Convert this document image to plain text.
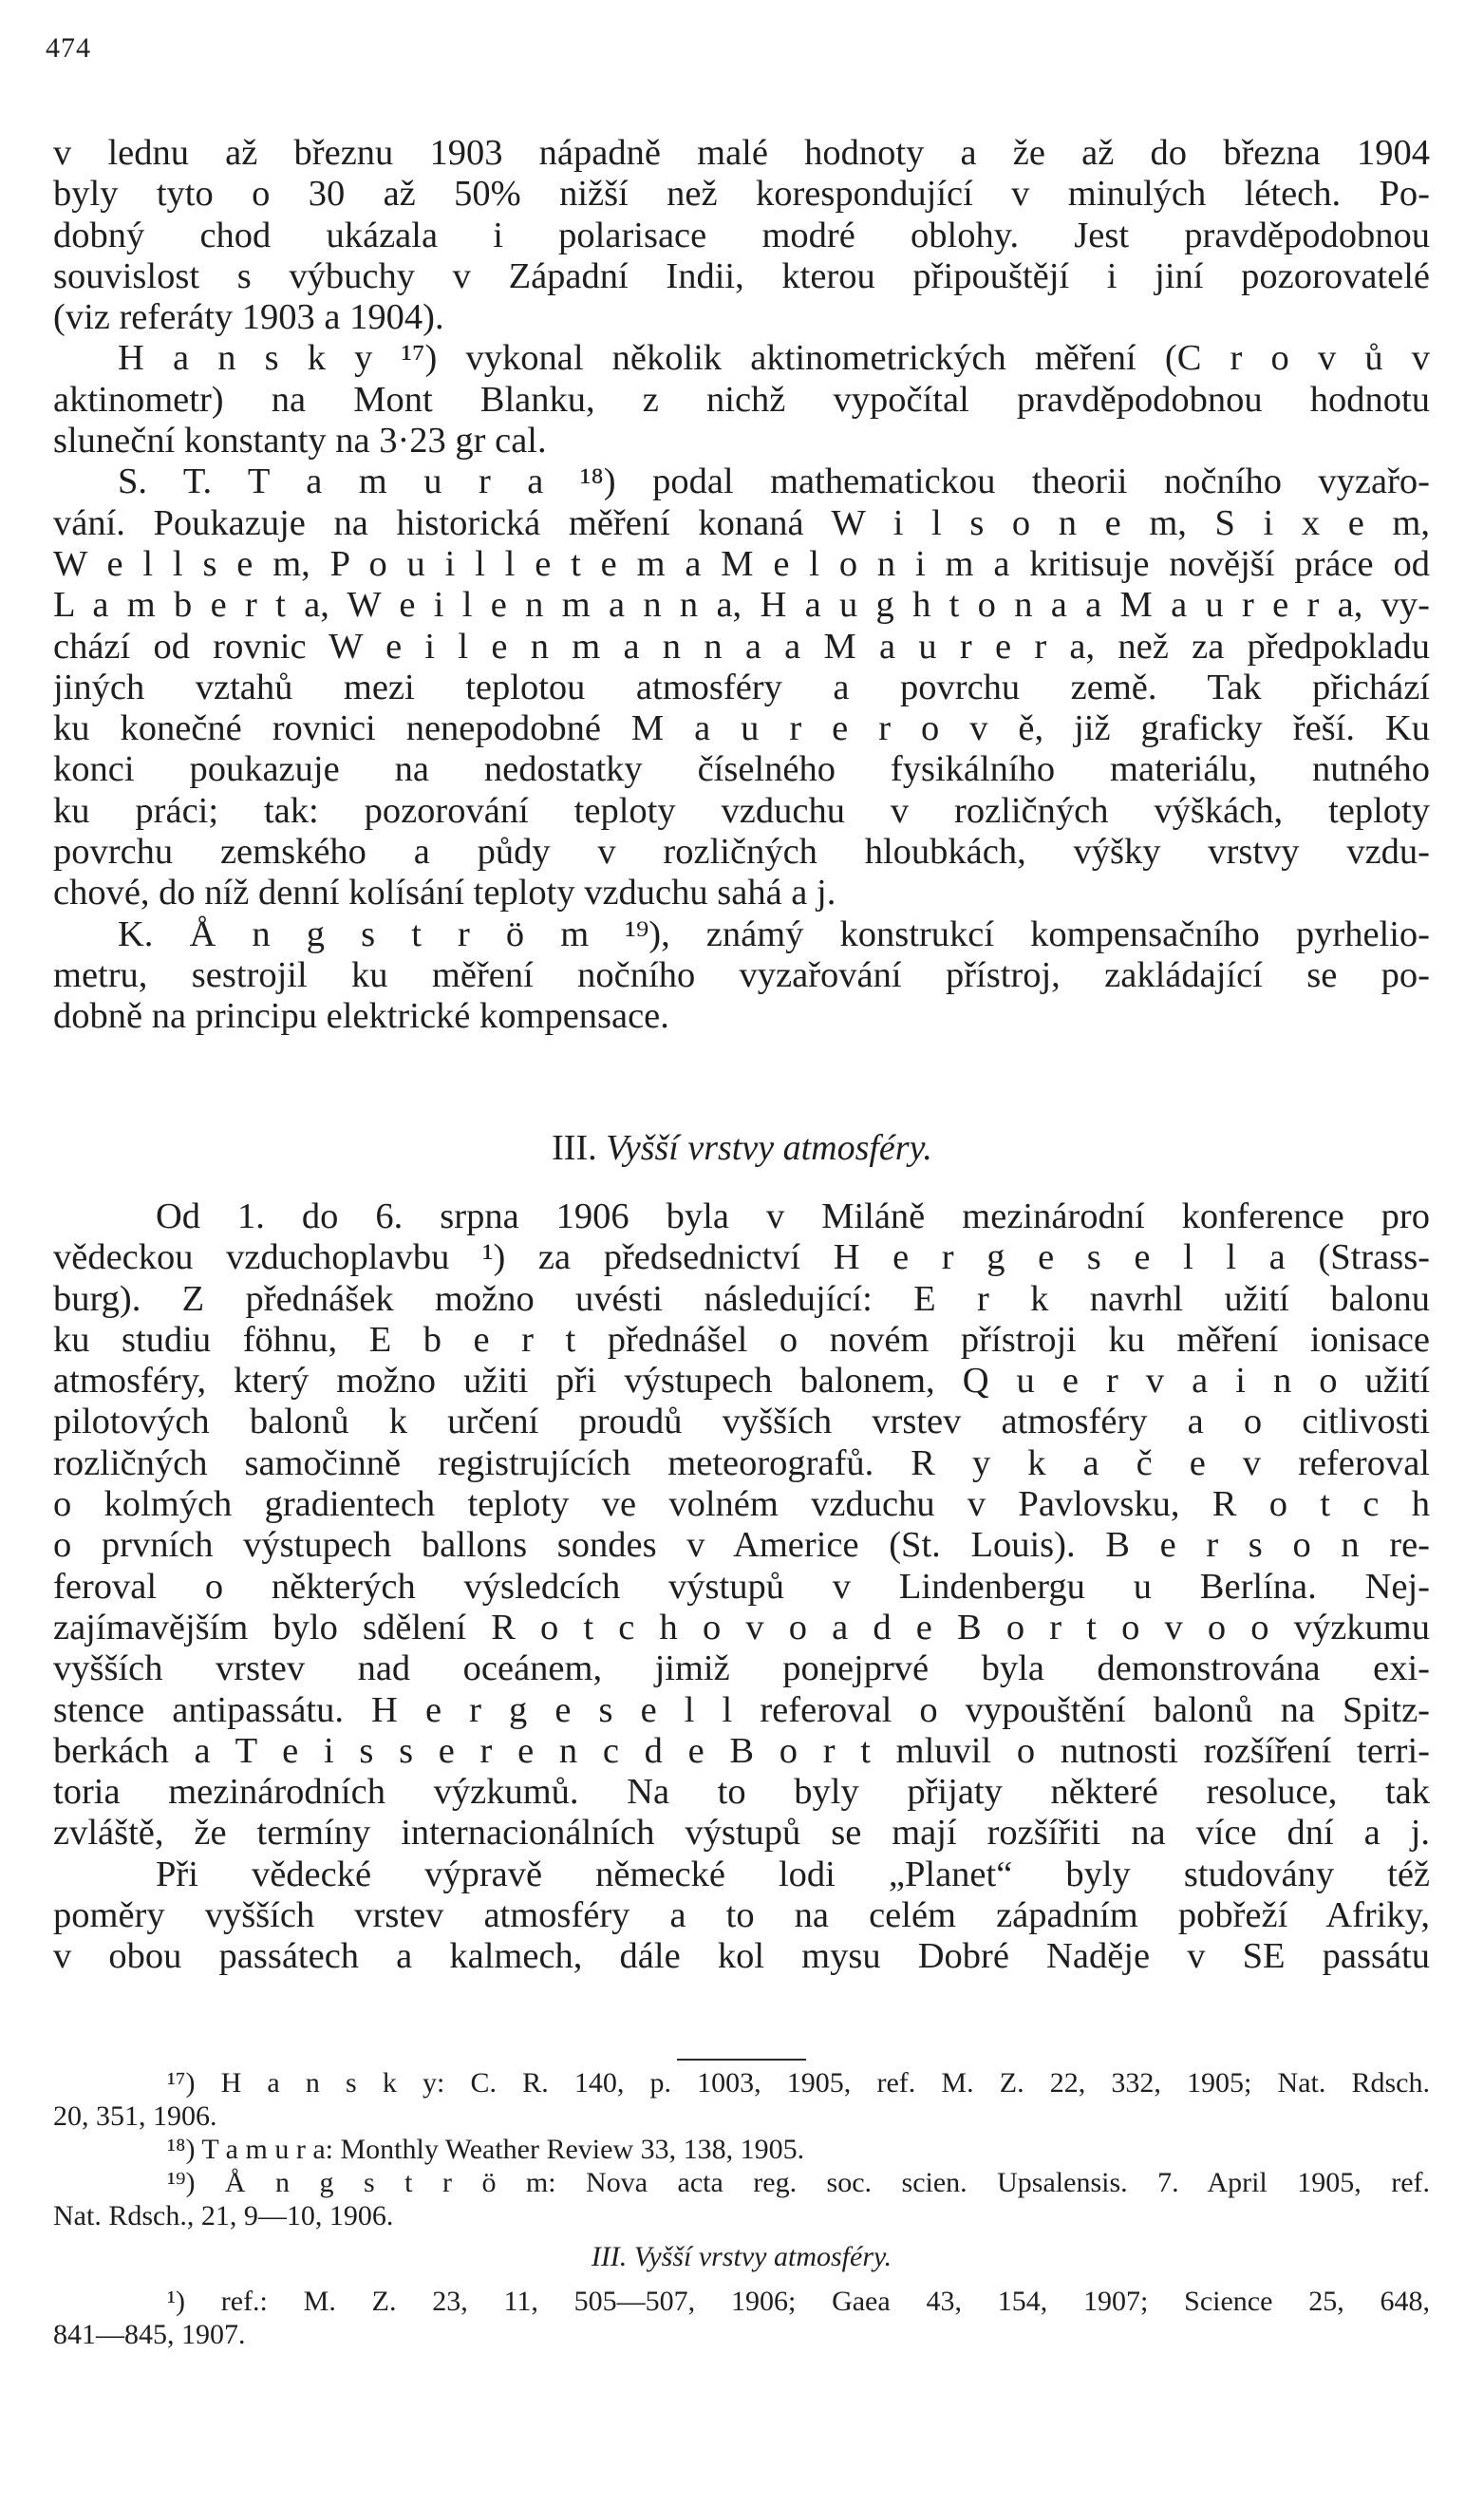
474
v lednu až březnu 1903 nápadně malé hodnoty a že až do března 1904
byly tyto o 30 až 50% nižší než korespondující v minulých létech. Po-
dobný chod ukázala i polarisace modré oblohy. Jest pravděpodobnou
souvislost s výbuchy v Západní Indii, kterou připouštějí i jiní pozorovatelé
(viz referáty 1903 a 1904).
H a n s k y ¹⁷) vykonal několik aktinometrických měření (C r o v ů v
aktinometr) na Mont Blanku, z nichž vypočítal pravděpodobnou hodnotu
sluneční konstanty na 3·23 gr cal.
S. T. T a m u r a ¹⁸) podal mathematickou theorii nočního vyzařo-
vání. Poukazuje na historická měření konaná W i l s o n e m, S i x e m,
W e l l s e m, P o u i l l e t e m a M e l o n i m a kritisuje novější práce od
L a m b e r t a, W e i l e n m a n n a, H a u g h t o n a a M a u r e r a, vy-
chází od rovnic W e i l e n m a n n a a M a u r e r a, než za předpokladu
jiných vztahů mezi teplotou atmosféry a povrchu země. Tak přichází
ku konečné rovnici nenepodobné M a u r e r o v ě, již graficky řeší. Ku
konci poukazuje na nedostatky číselného fysikálního materiálu, nutného
ku práci; tak: pozorování teploty vzduchu v rozličných výškách, teploty
povrchu zemského a půdy v rozličných hloubkách, výšky vrstvy vzdu-
chové, do níž denní kolísání teploty vzduchu sahá a j.
K. Å n g s t r ö m ¹⁹), známý konstrukcí kompensačního pyrhelio-
metru, sestrojil ku měření nočního vyzařování přístroj, zakládající se po-
dobně na principu elektrické kompensace.
III. Vyšší vrstvy atmosféry.
Od 1. do 6. srpna 1906 byla v Miláně mezinárodní konference pro
vědeckou vzduchoplavbu ¹) za předsednictví H e r g e s e l l a (Strass-
burg). Z přednášek možno uvésti následující: E r k navrhl užití balonu
ku studiu föhnu, E b e r t přednášel o novém přístroji ku měření ionisace
atmosféry, který možno užiti při výstupech balonem, Q u e r v a i n o užití
pilotových balonů k určení proudů vyšších vrstev atmosféry a o citlivosti
rozličných samočinně registrujících meteorografů. R y k a č e v referoval
o kolmých gradientech teploty ve volném vzduchu v Pavlovsku, R o t c h
o prvních výstupech ballons sondes v Americe (St. Louis). B e r s o n re-
feroval o některých výsledcích výstupů v Lindenbergu u Berlína. Nej-
zajímavějším bylo sdělení R o t c h o v o a d e B o r t o v o o výzkumu
vyšších vrstev nad oceánem, jimiž ponejprvé byla demonstrována exi-
stence antipassátu. H e r g e s e l l referoval o vypouštění balonů na Spitz-
berkách a T e i s s e r e n c d e B o r t mluvil o nutnosti rozšíření terri-
toria mezinárodních výzkumů. Na to byly přijaty některé resoluce, tak
zvláště, že termíny internacionálních výstupů se mají rozšířiti na více dní a j.
Při vědecké výpravě německé lodi „Planet“ byly studovány též
poměry vyšších vrstev atmosféry a to na celém západním pobřeží Afriky,
v obou passátech a kalmech, dále kol mysu Dobré Naděje v SE passátu
¹⁷) H a n s k y: C. R. 140, p. 1003, 1905, ref. M. Z. 22, 332, 1905; Nat. Rdsch.
20, 351, 1906.
¹⁸) T a m u r a: Monthly Weather Review 33, 138, 1905.
¹⁹) Å n g s t r ö m: Nova acta reg. soc. scien. Upsalensis. 7. April 1905, ref.
Nat. Rdsch., 21, 9—10, 1906.
III. Vyšší vrstvy atmosféry.
¹) ref.: M. Z. 23, 11, 505—507, 1906; Gaea 43, 154, 1907; Science 25, 648,
841—845, 1907.
